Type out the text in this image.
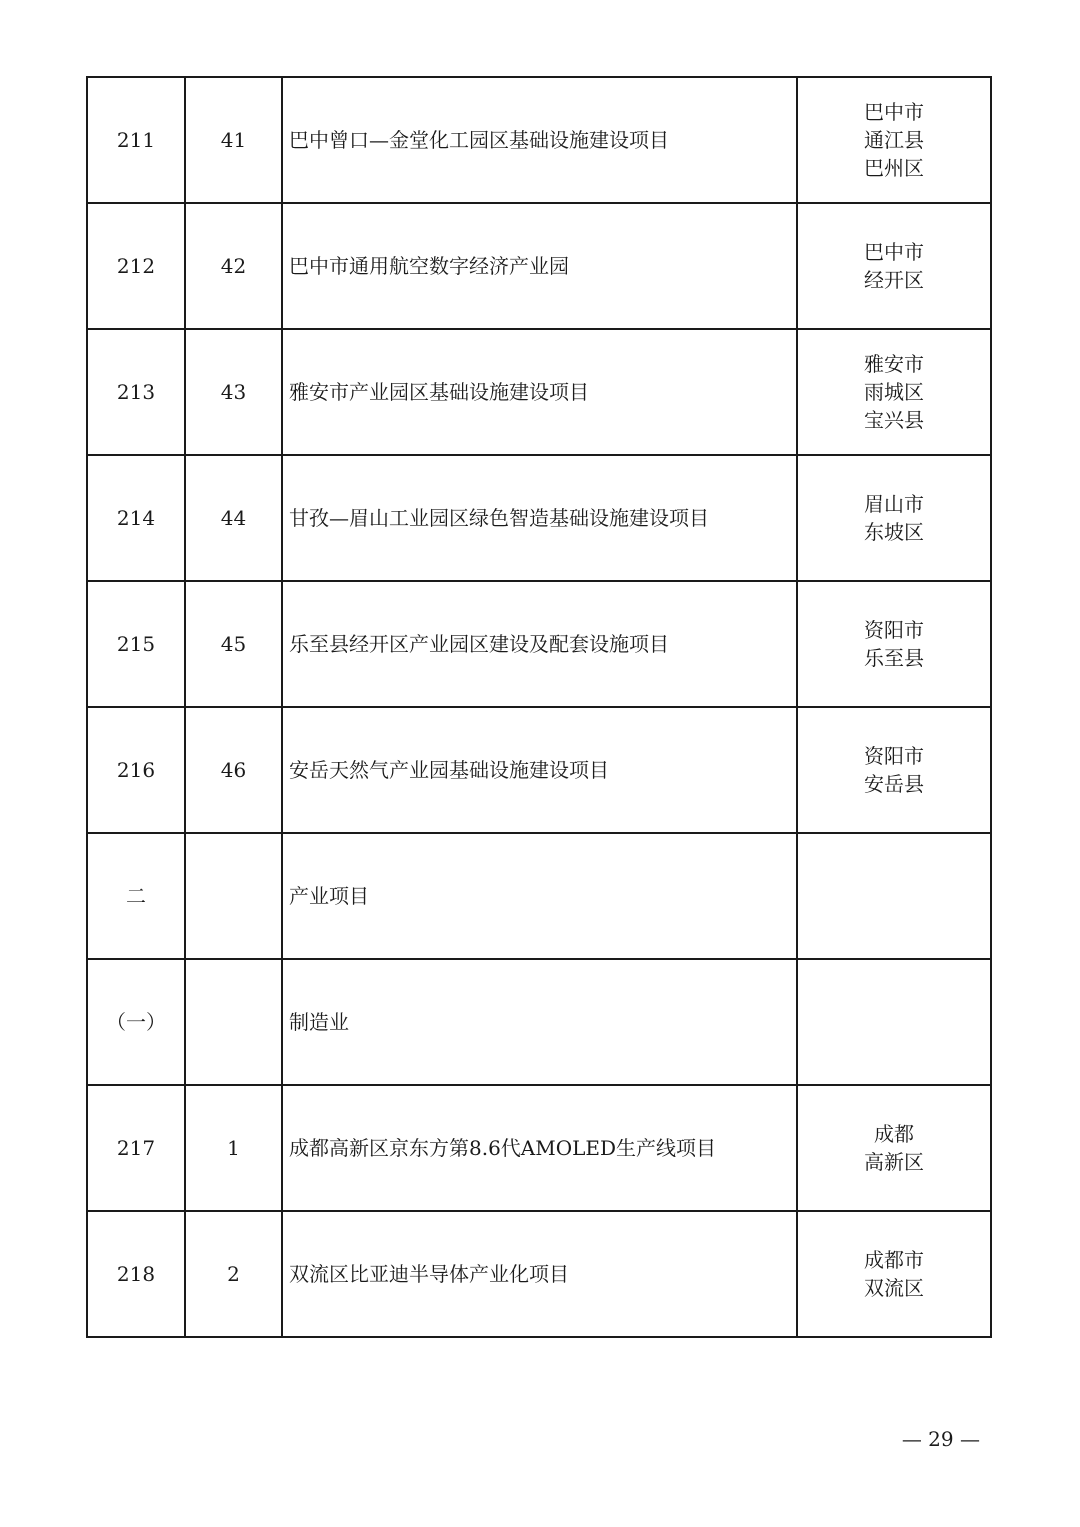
211	41	巴中曾口—金堂化工园区基础设施建设项目	巴中市
通江县
巴州区

212	42	巴中市通用航空数字经济产业园	巴中市
经开区

213	43	雅安市产业园区基础设施建设项目	雅安市
雨城区
宝兴县

214	44	甘孜—眉山工业园区绿色智造基础设施建设项目	眉山市
东坡区

215	45	乐至县经开区产业园区建设及配套设施项目	资阳市
乐至县

216	46	安岳天然气产业园基础设施建设项目	资阳市
安岳县

二		产业项目	
（一）		制造业	
217	1	成都高新区京东方第8.6代AMOLED生产线项目	成都
高新区

218	2	双流区比亚迪半导体产业化项目	成都市
双流区
— 29 —
